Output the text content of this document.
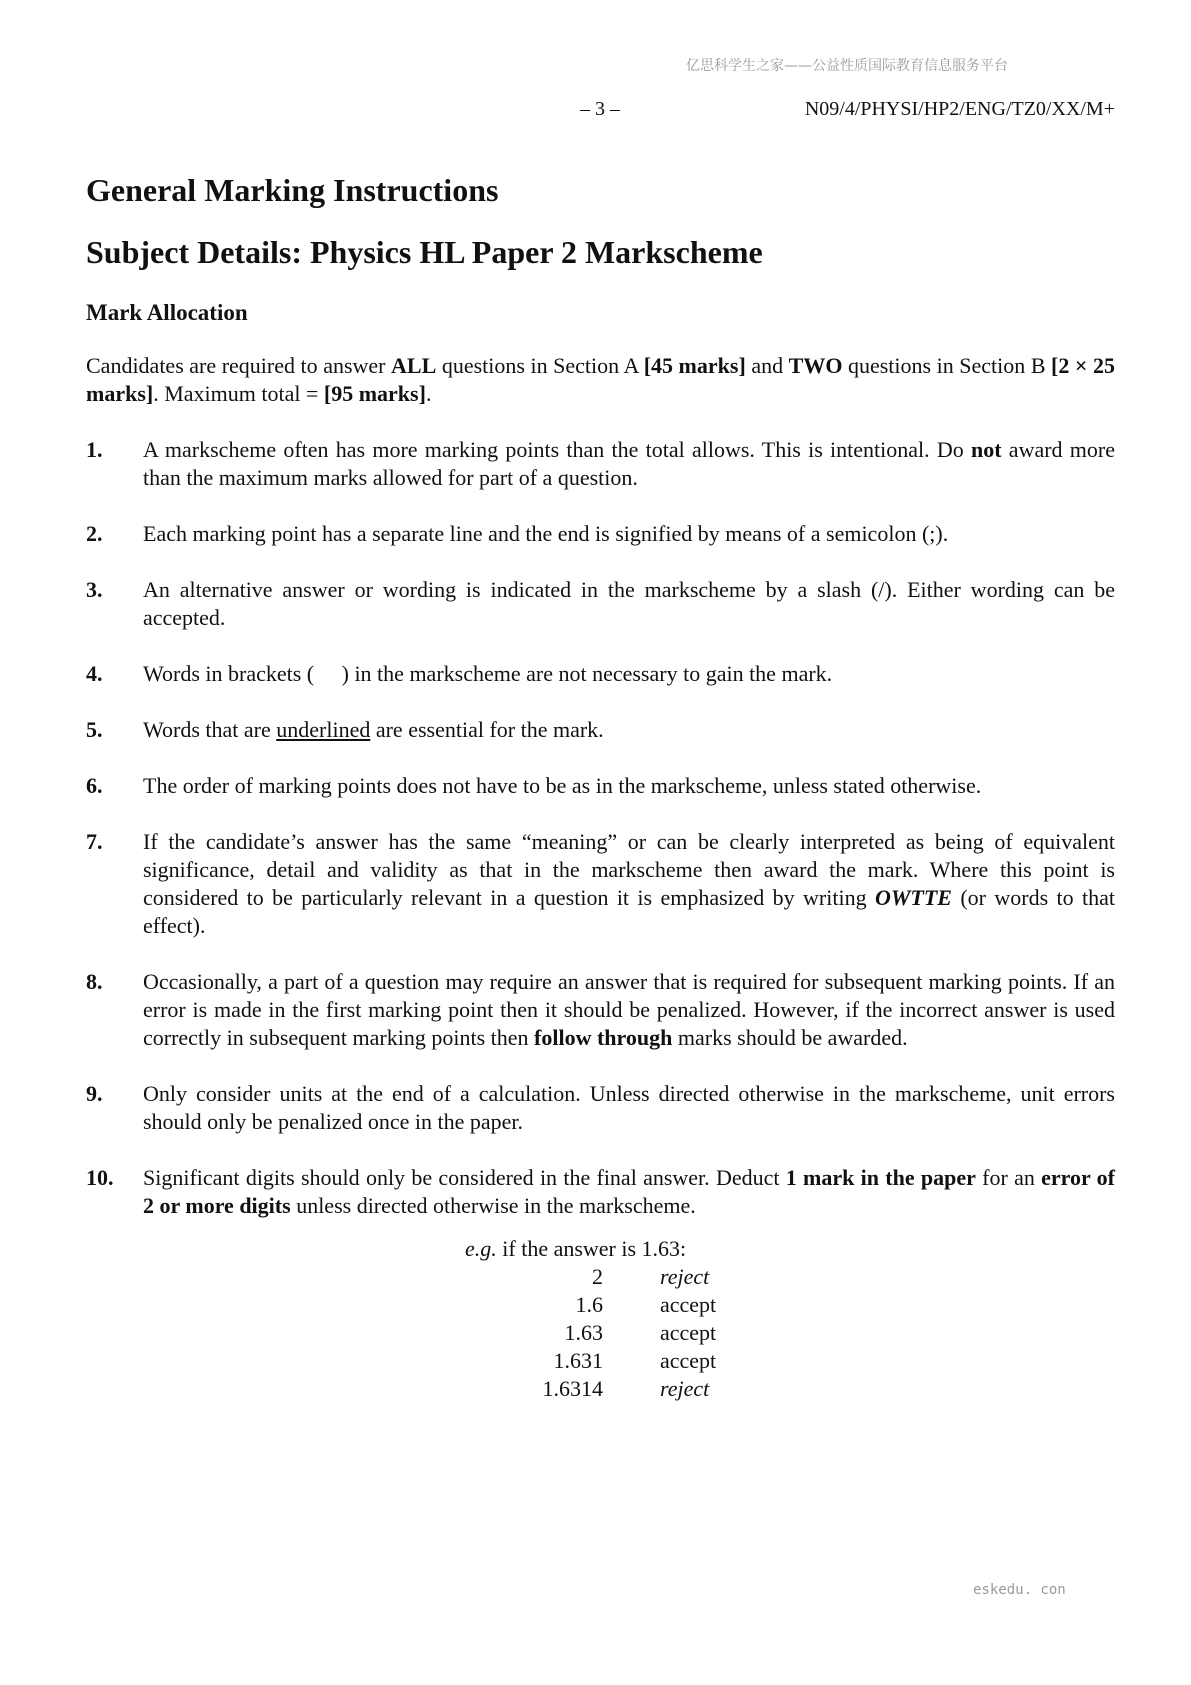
亿思科学生之家——公益性质国际教育信息服务平台
– 3 –	N09/4/PHYSI/HP2/ENG/TZ0/XX/M+
General Marking Instructions
Subject Details: Physics HL Paper 2 Markscheme
Mark Allocation

Candidates are required to answer ALL questions in Section A [45 marks] and TWO questions in Section B [2 × 25 marks]. Maximum total = [95 marks].

1. A markscheme often has more marking points than the total allows. This is intentional. Do not award more than the maximum marks allowed for part of a question.
2. Each marking point has a separate line and the end is signified by means of a semicolon (;).
3. An alternative answer or wording is indicated in the markscheme by a slash (/). Either wording can be accepted.
4. Words in brackets (     ) in the markscheme are not necessary to gain the mark.
5. Words that are underlined are essential for the mark.
6. The order of marking points does not have to be as in the markscheme, unless stated otherwise.
7. If the candidate’s answer has the same “meaning” or can be clearly interpreted as being of equivalent significance, detail and validity as that in the markscheme then award the mark. Where this point is considered to be particularly relevant in a question it is emphasized by writing OWTTE (or words to that effect).
8. Occasionally, a part of a question may require an answer that is required for subsequent marking points. If an error is made in the first marking point then it should be penalized. However, if the incorrect answer is used correctly in subsequent marking points then follow through marks should be awarded.
9. Only consider units at the end of a calculation. Unless directed otherwise in the markscheme, unit errors should only be penalized once in the paper.
10. Significant digits should only be considered in the final answer. Deduct 1 mark in the paper for an error of 2 or more digits unless directed otherwise in the markscheme.
e.g. if the answer is 1.63:
2	reject
1.6	accept
1.63	accept
1.631	accept
1.6314	reject
eskedu. con
